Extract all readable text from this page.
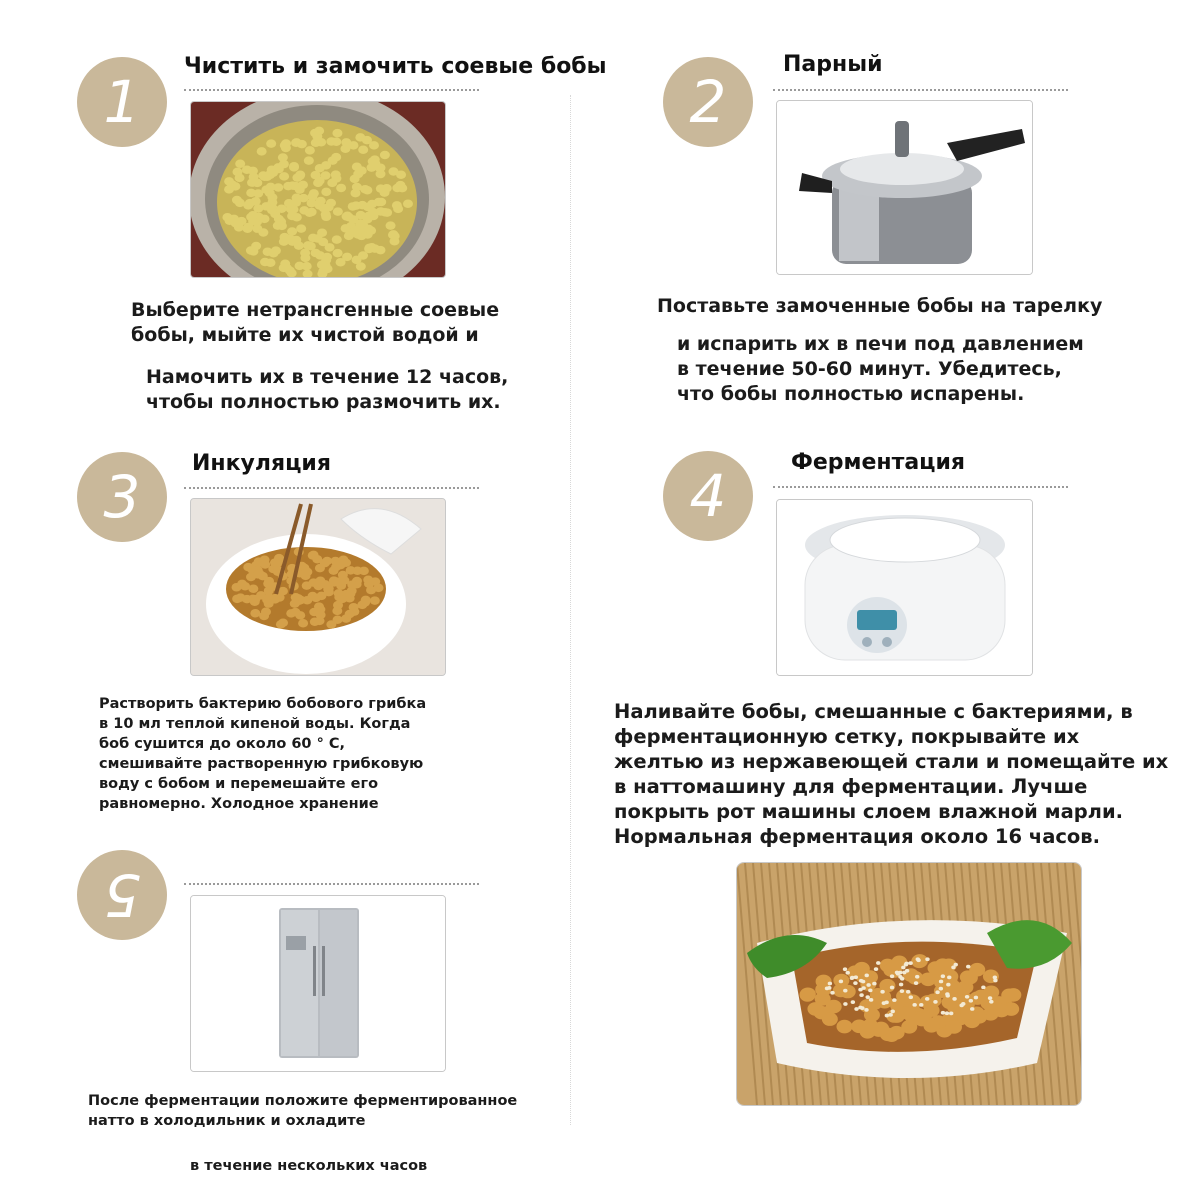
1
Чистить и замочить соевые бобы
Выберите нетрансгенные соевые
бобы, мыйте их чистой водой и
Намочить их в течение 12 часов,
чтобы полностью размочить их.
2
Парный
Поставьте замоченные бобы на тарелку
и испарить их в печи под давлением
в течение 50-60 минут. Убедитесь,
что бобы полностью испарены.
3 Инкуляция
Растворить бактерию бобового грибка
в 10 мл теплой кипеной воды. Когда
боб сушится до около 60 ° C,
смешивайте растворенную грибковую
воду с бобом и перемешайте его
равномерно. Холодное хранение
4	Ферментация
Наливайте бобы, смешанные с бактериями, в
ферментационную сетку, покрывайте их
желтью из нержавеющей стали и помещайте их
в наттомашину для ферментации. Лучше
покрыть рот машины слоем влажной марли.
Нормальная ферментация около 16 часов.
5
После ферментации положите ферментированное
натто в холодильник и охладите
в течение нескольких часов
